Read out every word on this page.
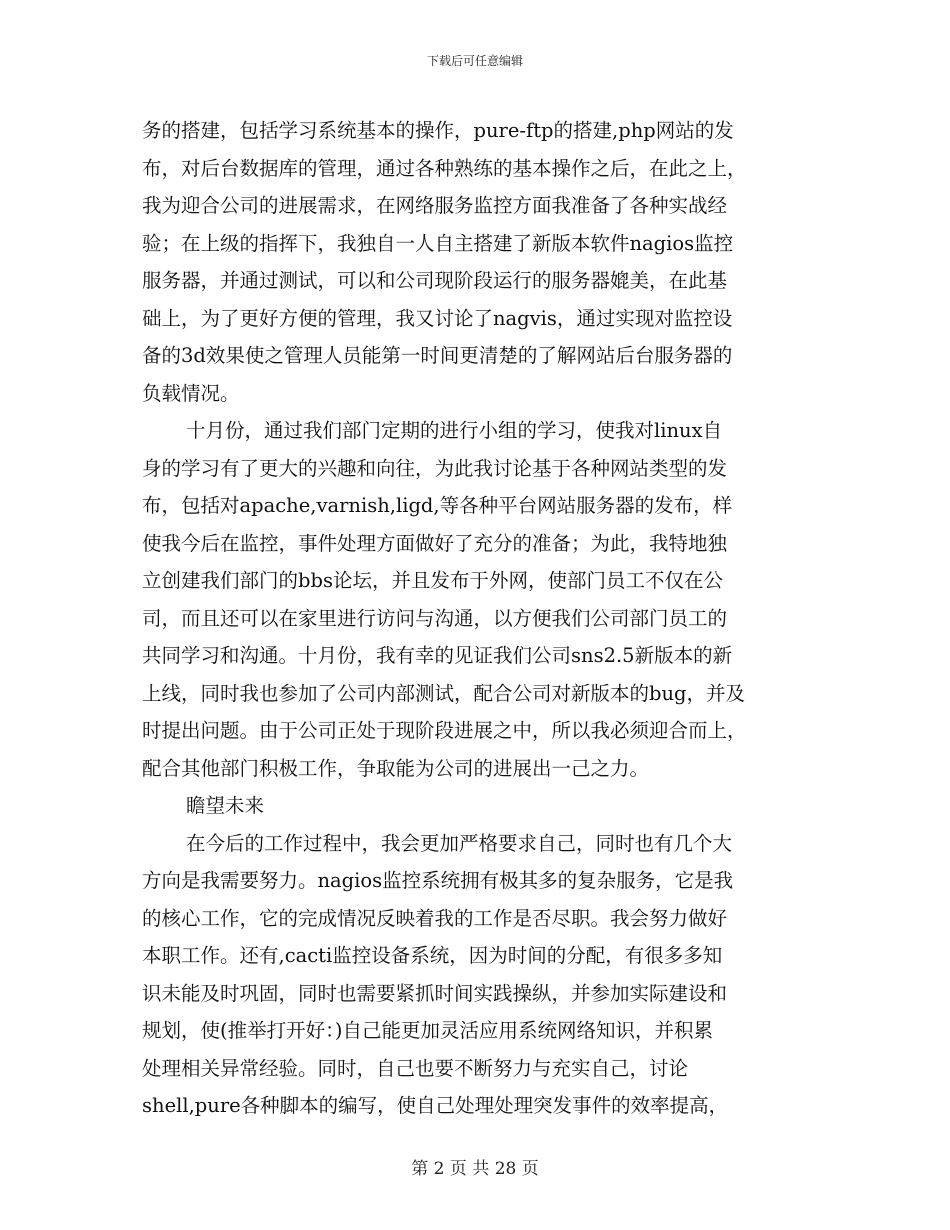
下载后可任意编辑
务的搭建，包括学习系统基本的操作，pure-ftp的搭建,php网站的发
布，对后台数据库的管理，通过各种熟练的基本操作之后，在此之上，
我为迎合公司的进展需求，在网络服务监控方面我准备了各种实战经
验；在上级的指挥下，我独自一人自主搭建了新版本软件nagios监控
服务器，并通过测试，可以和公司现阶段运行的服务器媲美，在此基
础上，为了更好方便的管理，我又讨论了nagvis，通过实现对监控设
备的3d效果使之管理人员能第一时间更清楚的了解网站后台服务器的
负载情况。
十月份，通过我们部门定期的进行小组的学习，使我对linux自
身的学习有了更大的兴趣和向往，为此我讨论基于各种网站类型的发
布，包括对apache,varnish,ligd,等各种平台网站服务器的发布，样
使我今后在监控，事件处理方面做好了充分的准备；为此，我特地独
立创建我们部门的bbs论坛，并且发布于外网，使部门员工不仅在公
司，而且还可以在家里进行访问与沟通，以方便我们公司部门员工的
共同学习和沟通。十月份，我有幸的见证我们公司sns2.5新版本的新
上线，同时我也参加了公司内部测试，配合公司对新版本的bug，并及
时提出问题。由于公司正处于现阶段进展之中，所以我必须迎合而上，
配合其他部门积极工作，争取能为公司的进展出一己之力。
瞻望未来
在今后的工作过程中，我会更加严格要求自己，同时也有几个大
方向是我需要努力。nagios监控系统拥有极其多的复杂服务，它是我
的核心工作，它的完成情况反映着我的工作是否尽职。我会努力做好
本职工作。还有,cacti监控设备系统，因为时间的分配，有很多多知
识未能及时巩固，同时也需要紧抓时间实践操纵，并参加实际建设和
规划，使(推举打开好：)自己能更加灵活应用系统网络知识，并积累
处理相关异常经验。同时，自己也要不断努力与充实自己，讨论
shell,pure各种脚本的编写，使自己处理处理突发事件的效率提高，
第 2 页 共 28 页
